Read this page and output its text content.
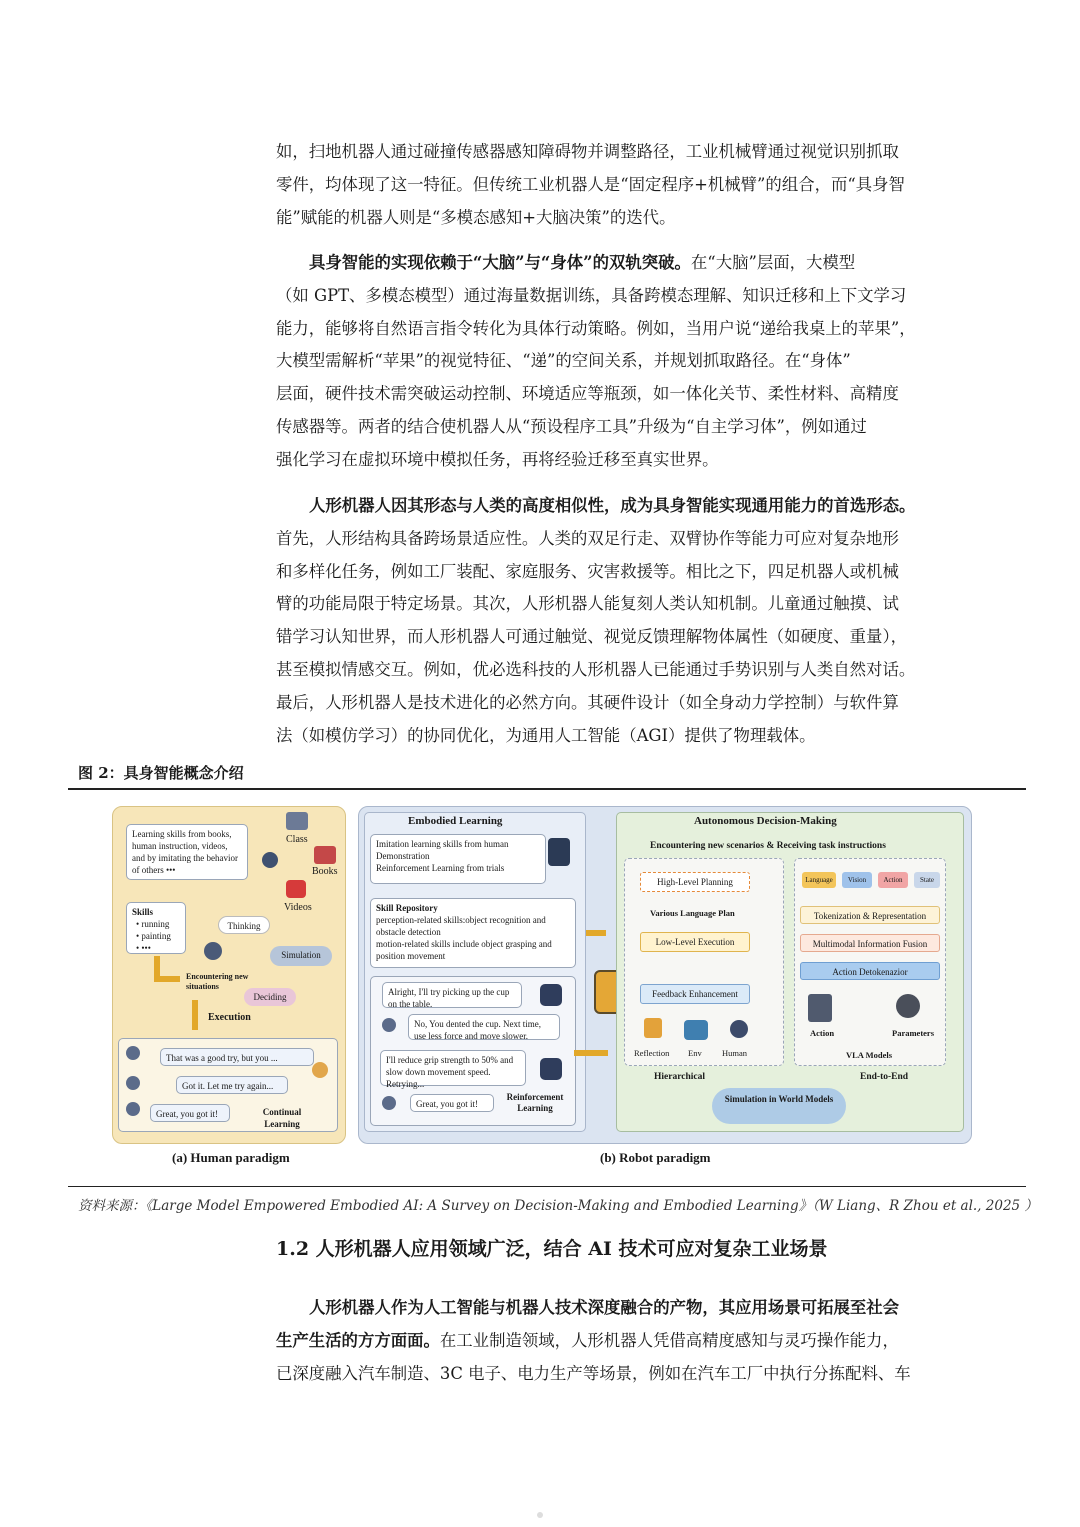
如，扫地机器人通过碰撞传感器感知障碍物并调整路径，工业机械臂通过视觉识别抓取
零件，均体现了这一特征。但传统工业机器人是“固定程序+机械臂”的组合，而“具身智
能”赋能的机器人则是“多模态感知+大脑决策”的迭代。
具身智能的实现依赖于“大脑”与“身体”的双轨突破。在“大脑”层面，大模型
（如 GPT、多模态模型）通过海量数据训练，具备跨模态理解、知识迁移和上下文学习
能力，能够将自然语言指令转化为具体行动策略。例如，当用户说“递给我桌上的苹果”，
大模型需解析“苹果”的视觉特征、“递”的空间关系，并规划抓取路径。在“身体”
层面，硬件技术需突破运动控制、环境适应等瓶颈，如一体化关节、柔性材料、高精度
传感器等。两者的结合使机器人从“预设程序工具”升级为“自主学习体”，例如通过
强化学习在虚拟环境中模拟任务，再将经验迁移至真实世界。
人形机器人因其形态与人类的高度相似性，成为具身智能实现通用能力的首选形态。
首先，人形结构具备跨场景适应性。人类的双足行走、双臂协作等能力可应对复杂地形
和多样化任务，例如工厂装配、家庭服务、灾害救援等。相比之下，四足机器人或机械
臂的功能局限于特定场景。其次，人形机器人能复刻人类认知机制。儿童通过触摸、试
错学习认知世界，而人形机器人可通过触觉、视觉反馈理解物体属性（如硬度、重量），
甚至模拟情感交互。例如，优必选科技的人形机器人已能通过手势识别与人类自然对话。
最后，人形机器人是技术进化的必然方向。其硬件设计（如全身动力学控制）与软件算
法（如模仿学习）的协同优化，为通用人工智能（AGI）提供了物理载体。
图 2：具身智能概念介绍
Learning skills from books, human instruction, videos, and by imitating the behavior of others •••
Class
Books
Videos
Skills
• running
• painting
• •••
Thinking
Simulation
Deciding
Encountering new situations
Execution
That was a good try, but you ...
Got it. Let me try again...
Great, you got it!	Continual Learning
(a) Human paradigm
Embodied Learning
Imitation learning skills from human Demonstration
Reinforcement Learning from trials
Skill Repository
perception-related skills:object recognition and obstacle detection
motion-related skills include object grasping and position movement
Alright, I'll try picking up the cup on the table.
No, You dented the cup. Next time, use less force and move slower.
I'll reduce grip strength to 50% and slow down movement speed. Retrying...
Great, you got it!
Reinforcement Learning
Autonomous Decision-Making
Encountering new scenarios & Receiving task instructions
High-Level Planning
Various Language Plan
Low-Level Execution
Feedback Enhancement
Reflection Env Human
Language	Vision	Action	State
Tokenization & Representation
Multimodal Information Fusion
Action Detokenazior
Action	Parameters
VLA Models
Hierarchical	End-to-End
Simulation in World Models
(b) Robot paradigm
资料来源：《Large Model Empowered Embodied AI: A Survey on Decision-Making and Embodied Learning》（W Liang、R Zhou et al., 2025 ）
1.2 人形机器人应用领域广泛，结合 AI 技术可应对复杂工业场景
人形机器人作为人工智能与机器人技术深度融合的产物，其应用场景可拓展至社会
生产生活的方方面面。在工业制造领域，人形机器人凭借高精度感知与灵巧操作能力，
已深度融入汽车制造、3C 电子、电力生产等场景，例如在汽车工厂中执行分拣配料、车
